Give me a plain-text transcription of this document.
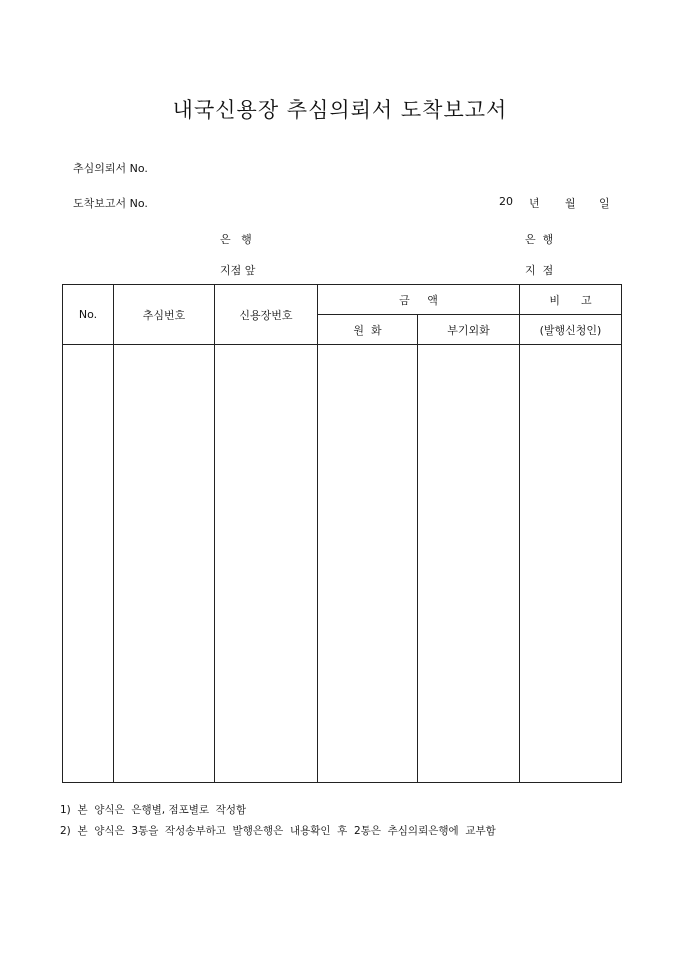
내국신용장 추심의뢰서 도착보고서
추심의뢰서 No.
도착보고서 No.	20 년 월 일
은   행
지점 앞
은  행
지  점
No.	추심번호	신용장번호	금     액		비      고
			원  화	부기외화	(발행신청인)

1)  본  양식은  은행별, 점포별로  작성함
2)  본  양식은  3통을  작성송부하고  발행은행은  내용확인  후  2통은  추심의뢰은행에  교부함
